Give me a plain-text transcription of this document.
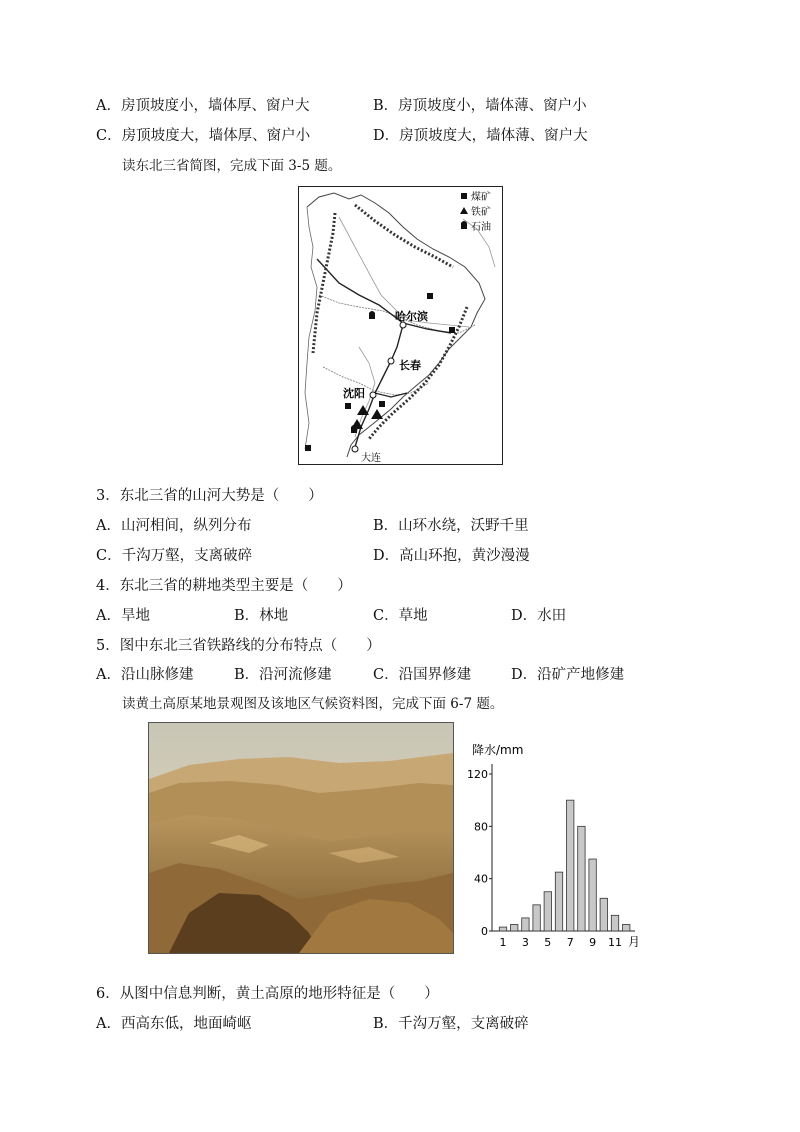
A．房顶坡度小，墙体厚、窗户大	B．房顶坡度小，墙体薄、窗户小
C．房顶坡度大，墙体厚、窗户小	D．房顶坡度大，墙体薄、窗户大
读东北三省简图，完成下面 3-5 题。
煤矿
铁矿
石油
哈尔滨
长春
沈阳
大连
3．东北三省的山河大势是（　　）
A．山河相间，纵列分布	B．山环水绕，沃野千里
C．千沟万壑，支离破碎	D．高山环抱，黄沙漫漫
4．东北三省的耕地类型主要是（　　）
A．旱地	B．林地	C．草地	D．水田
5．图中东北三省铁路线的分布特点（　　）
A．沿山脉修建	B．沿河流修建	C．沿国界修建	D．沿矿产地修建
读黄土高原某地景观图及该地区气候资料图，完成下面 6-7 题。
降水/mm
0
40
80
120
1 3 5 7 9 11 月
6．从图中信息判断，黄土高原的地形特征是（　　）
A．西高东低，地面崎岖	B．千沟万壑，支离破碎
